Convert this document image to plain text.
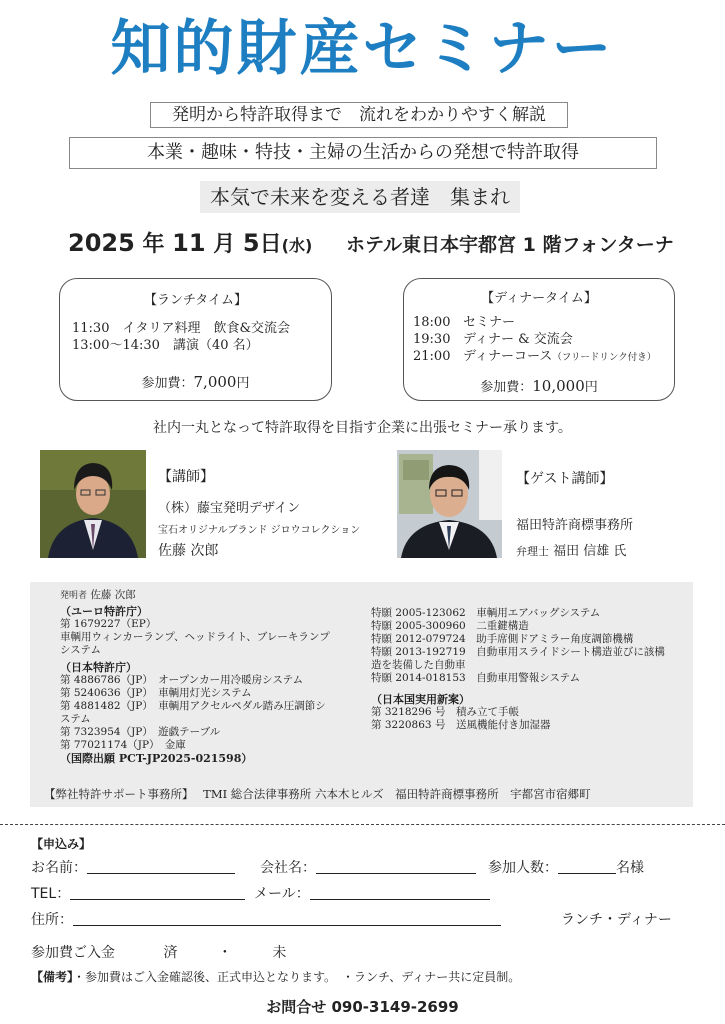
知的財産セミナー
発明から特許取得まで　流れをわかりやすく解説
本業・趣味・特技・主婦の生活からの発想で特許取得
本気で未来を変える者達　集まれ
2025 年 11 月 5日(水) ホテル東日本宇都宮 1 階フォンターナ
【ランチタイム】
11:30　 イタリア料理　飲食&交流会
13:00～14:30　 講演（40 名）
参加費：7,000円
【ディナータイム】
18:00 セミナー
19:30 ディナー & 交流会
21:00 ディナーコース（フリードリンク付き）
参加費：10,000円
社内一丸となって特許取得を目指す企業に出張セミナー承ります。
【講師】
（株）藤宝発明デザイン
宝石オリジナルブランド ジロウコレクション
佐藤 次郎
【ゲスト講師】
福田特許商標事務所
弁理士 福田 信雄 氏
発明者 佐藤 次郎
（ユーロ特許庁）
第 1679227（EP）
車輌用ウィンカーランプ、ヘッドライト、ブレーキランプ
システム
（日本特許庁）
第 4886786（JP）　オープンカー用冷暖房システム
第 5240636（JP）　車輌用灯光システム
第 4881482（JP）　車輌用アクセルペダル踏み圧調節シ
ステム
第 7323954（JP）　遊戯テーブル
第 77021174（JP）　金庫
（国際出願 PCT-JP2025-021598）
特願 2005-123062　車輌用エアバッグシステム
特願 2005-300960　二重鍵構造
特願 2012-079724　助手席側ドアミラー角度調節機構
特願 2013-192719　自動車用スライドシート構造並びに該構
造を装備した自動車
特願 2014-018153　自動車用警報システム
（日本国実用新案）
第 3218296 号　積み立て手帳
第 3220863 号　送風機能付き加湿器
【弊社特許サポート事務所】 TMI 総合法律事務所 六本木ヒルズ　福田特許商標事務所　宇都宮市宿郷町
【申込み】
お名前：	会社名：	参加人数：	名様
TEL：	メール：
住所：	ランチ・ディナー
参加費ご入金	済	・	未
【備考】・参加費はご入金確認後、正式申込となります。　・ランチ、ディナー共に定員制。
お問合せ 090-3149-2699
